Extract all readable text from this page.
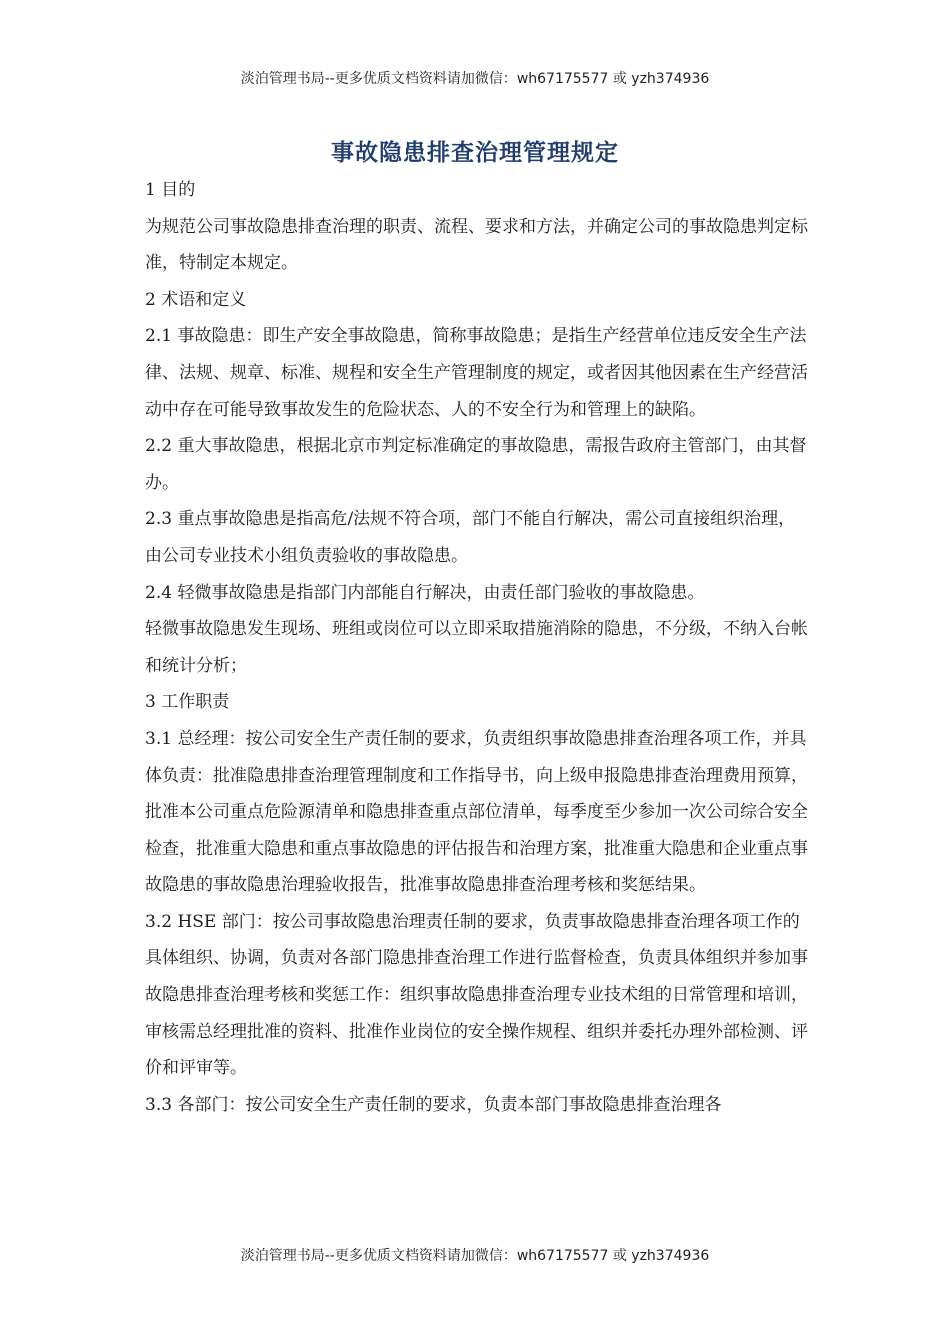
淡泊管理书局--更多优质文档资料请加微信：wh67175577 或 yzh374936
事故隐患排查治理管理规定

1 目的

为规范公司事故隐患排查治理的职责、流程、要求和方法，并确定公司的事故隐患判定标准，特制定本规定。

2 术语和定义

2.1 事故隐患：即生产安全事故隐患，简称事故隐患；是指生产经营单位违反安全生产法律、法规、规章、标准、规程和安全生产管理制度的规定，或者因其他因素在生产经营活动中存在可能导致事故发生的危险状态、人的不安全行为和管理上的缺陷。

2.2 重大事故隐患，根据北京市判定标准确定的事故隐患，需报告政府主管部门，由其督办。

2.3 重点事故隐患是指高危/法规不符合项，部门不能自行解决，需公司直接组织治理，由公司专业技术小组负责验收的事故隐患。

2.4 轻微事故隐患是指部门内部能自行解决，由责任部门验收的事故隐患。

轻微事故隐患发生现场、班组或岗位可以立即采取措施消除的隐患，不分级，不纳入台帐和统计分析；

3 工作职责

3.1 总经理：按公司安全生产责任制的要求，负责组织事故隐患排查治理各项工作，并具体负责：批准隐患排查治理管理制度和工作指导书，向上级申报隐患排查治理费用预算，批准本公司重点危险源清单和隐患排查重点部位清单，每季度至少参加一次公司综合安全检查，批准重大隐患和重点事故隐患的评估报告和治理方案，批准重大隐患和企业重点事故隐患的事故隐患治理验收报告，批准事故隐患排查治理考核和奖惩结果。

3.2 HSE 部门：按公司事故隐患治理责任制的要求，负责事故隐患排查治理各项工作的具体组织、协调，负责对各部门隐患排查治理工作进行监督检查，负责具体组织并参加事故隐患排查治理考核和奖惩工作：组织事故隐患排查治理专业技术组的日常管理和培训，审核需总经理批准的资料、批准作业岗位的安全操作规程、组织并委托办理外部检测、评价和评审等。

3.3 各部门：按公司安全生产责任制的要求，负责本部门事故隐患排查治理各

淡泊管理书局--更多优质文档资料请加微信：wh67175577 或 yzh374936
